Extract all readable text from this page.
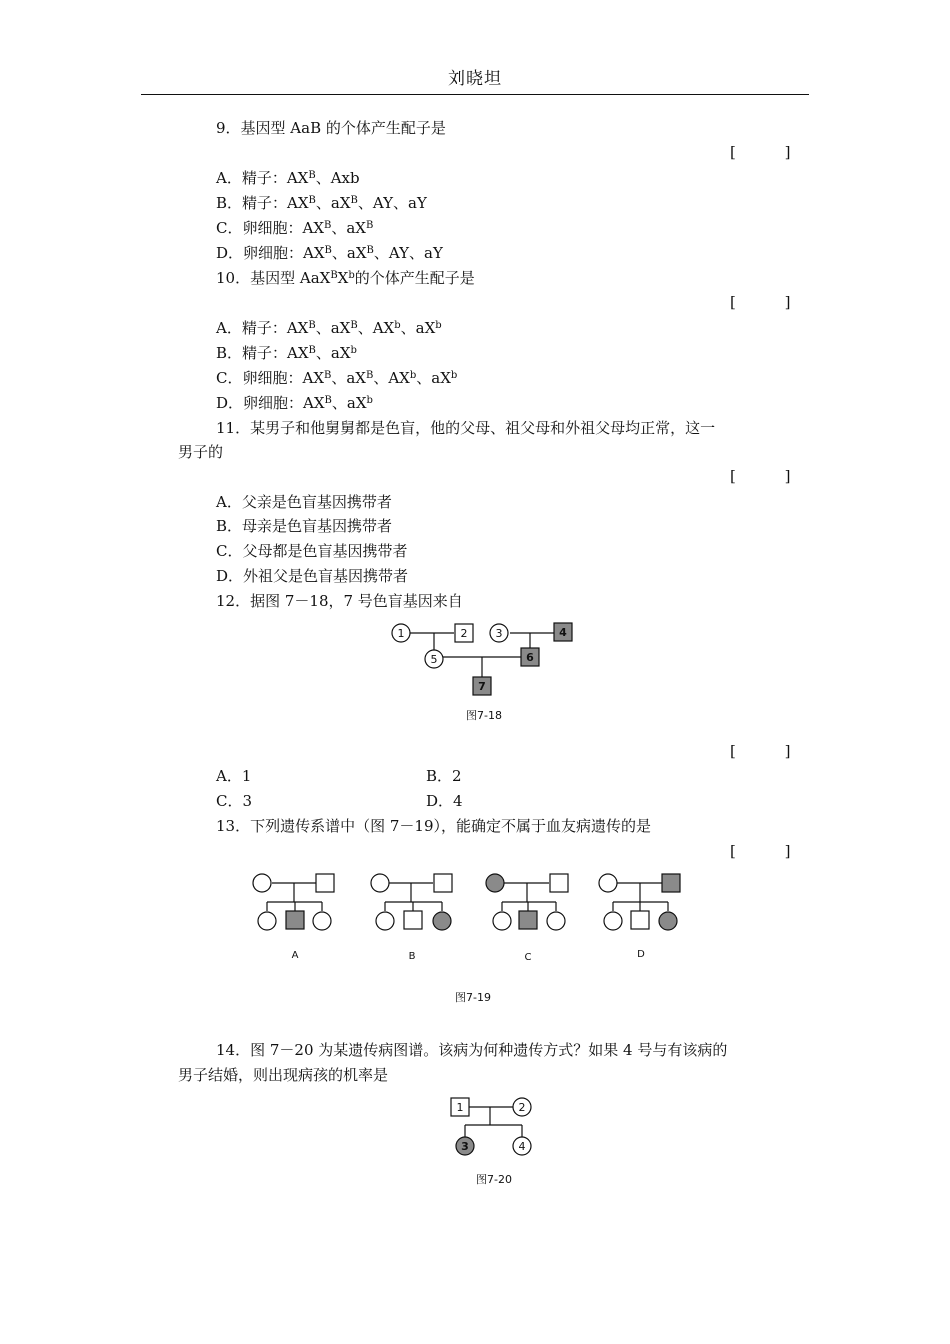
刘晓坦
9．基因型 AaB 的个体产生配子是
[ ]
A．精子：$AX^B$、Axb
B．精子：$AX^B$、$aX^B$、AY、aY
C．卵细胞：$AX^B$、$aX^B$
D．卵细胞：$AX^B$、$aX^B$、AY、aY
10．基因型 $AaX^BX^b$的个体产生配子是
[ ]
A．精子：$AX^B$、$aX^B$、$AX^b$、$aX^b$
B．精子：$AX^B$、$aX^b$
C．卵细胞：$AX^B$、$aX^B$、$AX^b$、$aX^b$
D．卵细胞：$AX^B$、$aX^b$
11．某男子和他舅舅都是色盲，他的父母、祖父母和外祖父母均正常，这一
男子的
[ ]
A．父亲是色盲基因携带者
B．母亲是色盲基因携带者
C．父母都是色盲基因携带者
D．外祖父是色盲基因携带者
12．据图 7－18，7 号色盲基因来自
1	2	3	4
5	6
7
图7-18
[ ]
A．1	B．2
C．3	D．4
13．下列遗传系谱中（图 7－19），能确定不属于血友病遗传的是
[ ]
A	B	C	D
图7-19
14．图 7－20 为某遗传病图谱。该病为何种遗传方式？如果 4 号与有该病的
男子结婚，则出现病孩的机率是
1	2
3	4
图7-20
